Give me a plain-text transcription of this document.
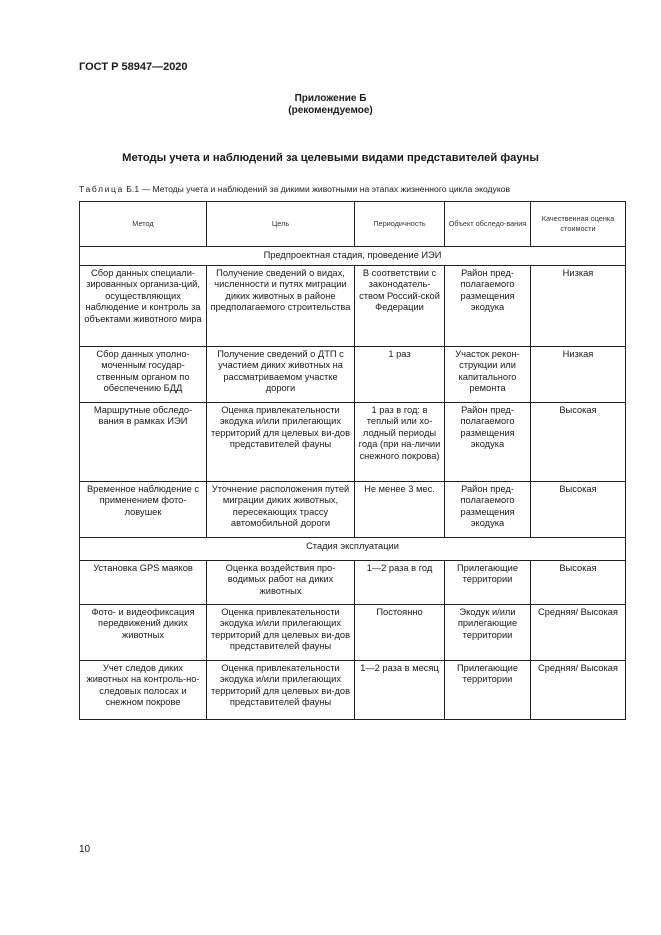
ГОСТ Р 58947—2020
Приложение Б
(рекомендуемое)
Методы учета и наблюдений за целевыми видами представителей фауны
Таблица Б.1 — Методы учета и наблюдений за дикими животными на этапах жизненного цикла экодуков
Метод	Цель	Периодичность	Объект обследо-вания	Качественная оценка стоимости
Предпроектная стадия, проведение ИЭИ				
Сбор данных специали-зированных организа-ций, осуществляющих наблюдение и контроль за объектами животного мира	Получение сведений о видах, численности и путях миграции диких животных в районе предполагаемого строительства	В соответствии с законодатель-ством Россий-ской Федерации	Район пред-полагаемого размещения экодука	Низкая
Сбор данных уполно-моченным государ-ственным органом по обеспечению БДД	Получение сведений о ДТП с участием диких животных на рассматриваемом участке дороги	1 раз	Участок рекон-струкции или капитального ремонта	Низкая
Маршрутные обследо-вания в рамках ИЭИ	Оценка привлекательности экодука и/или прилегающих территорий для целевых ви-дов представителей фауны	1 раз в год: в теплый или хо-лодный периоды года (при на-личии снежного покрова)	Район пред-полагаемого размещения экодука	Высокая
Временное наблюдение с применением фото-ловушек	Уточнение расположения путей миграции диких животных, пересекающих трассу автомобильной дороги	Не менее 3 мес.	Район пред-полагаемого размещения экодука	Высокая
Стадия эксплуатации				
Установка GPS маяков	Оценка воздействия про-водимых работ на диких животных	1—2 раза в год	Прилегающие территории	Высокая
Фото- и видеофиксация передвижений диких животных	Оценка привлекательности экодука и/или прилегающих территорий для целевых ви-дов представителей фауны	Постоянно	Экодук и/или прилегающие территории	Средняя/ Высокая
Учет следов диких животных на контроль-но-следовых полосах и снежном покрове	Оценка привлекательности экодука и/или прилегающих территорий для целевых ви-дов представителей фауны	1—2 раза в месяц	Прилегающие территории	Средняя/ Высокая
10
